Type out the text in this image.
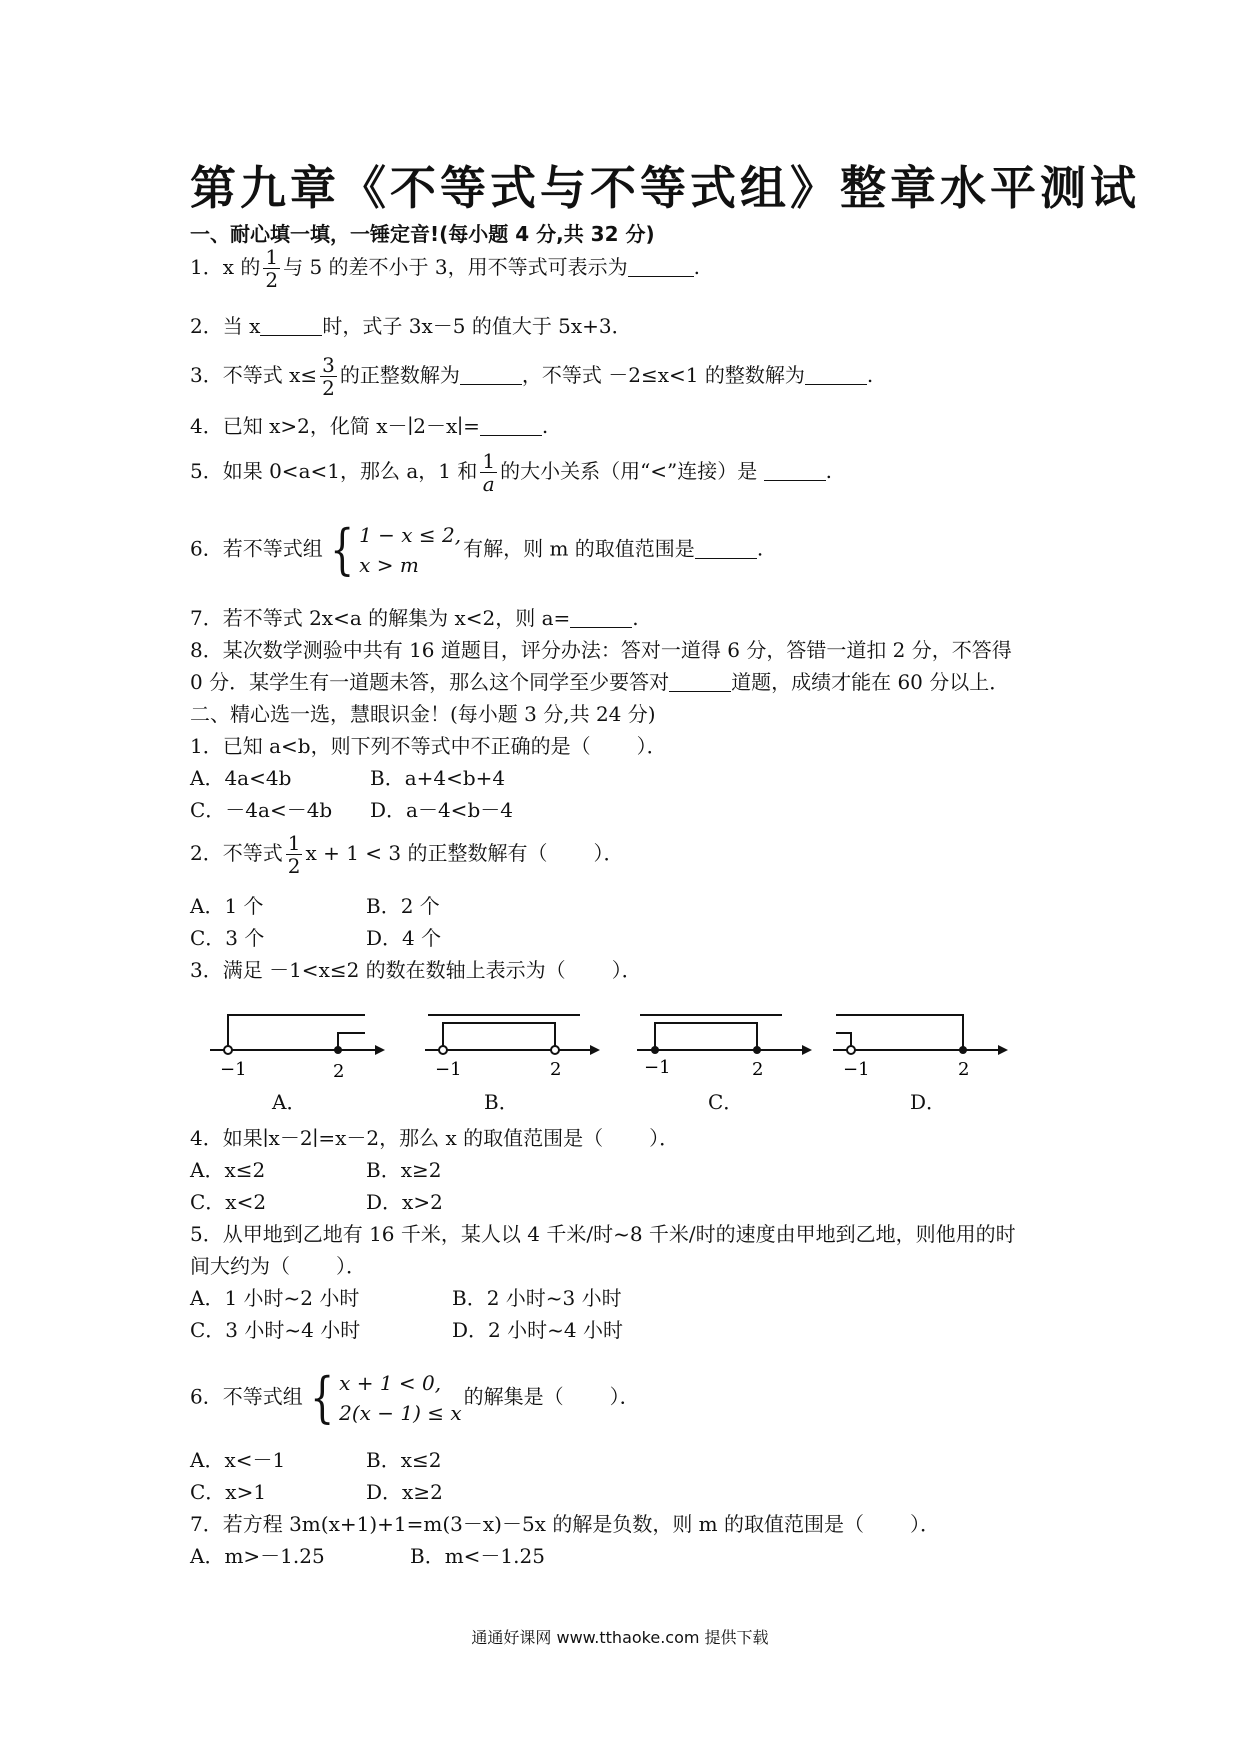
第九章《不等式与不等式组》整章水平测试
一、耐心填一填，一锤定音!(每小题 4 分,共 32 分)
1．x 的 $\frac{1}{2}$ 与 5 的差不小于 3，用不等式可表示为	.
2．当 x	时，式子 3x－5 的值大于 5x+3．
3．不等式 $x\le \frac{3}{2}$ 的正整数解为	，不等式 －2≤x<1 的整数解为	.
4．已知 x>2，化简 x－∣2－x∣=	.
5．如果 0<a<1，那么 a，1 和 $\frac{1}{a}$ 的大小关系（用“<”连接）是	.
6．若不等式组 { 1 − x ≤ 2,
x > m
有解，则 m 的取值范围是	.
7．若不等式 2x<a 的解集为 x<2，则 a=	.
8．某次数学测验中共有 16 道题目，评分办法：答对一道得 6 分，答错一道扣 2 分，不答得
0 分．某学生有一道题未答，那么这个同学至少要答对	道题，成绩才能在 60 分以上．
二、精心选一选，慧眼识金！(每小题 3 分,共 24 分)
1．已知 a<b，则下列不等式中不正确的是（ ）．
A．4a<4b	B．a+4<b+4
C．－4a<－4b D．a－4<b－4
2．不等式 $\frac{1}{2}$ x + 1 < 3 的正整数解有（ ）．
A．1 个	B．2 个
C．3 个	D．4 个
3．满足 －1<x≤2 的数在数轴上表示为（ ）．
−1	2	−1	2	−1	2	−1	2
A．	B．	C．	D．
4．如果∣x－2∣=x－2，那么 x 的取值范围是（ ）．
A．x≤2	B．x≥2
C．x<2	D．x>2
5．从甲地到乙地有 16 千米，某人以 4 千米/时~8 千米/时的速度由甲地到乙地，则他用的时
间大约为（ ）．
A．1 小时~2 小时	B．2 小时~3 小时
C．3 小时~4 小时	D．2 小时~4 小时
6．不等式组 { x + 1 < 0,
2(x − 1) ≤ x
的解集是（ ）．
A．x<－1	B．x≤2
C．x>1	D．x≥2
7．若方程 3m(x+1)+1=m(3－x)－5x 的解是负数，则 m 的取值范围是（ ）．
A．m>－1.25	B．m<－1.25
通通好课网 www.tthaoke.com 提供下载
